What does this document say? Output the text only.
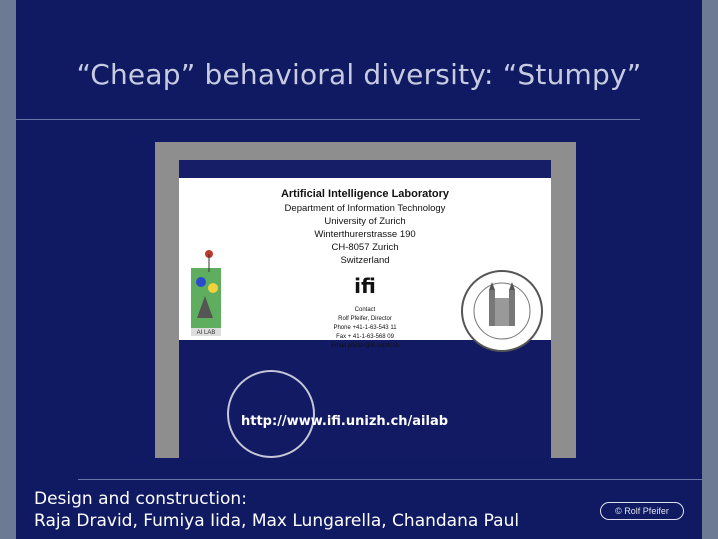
“Cheap” behavioral diversity: “Stumpy”
Artificial Intelligence Laboratory
Department of Information Technology
University of Zurich
Winterthurerstrasse 190
CH-8057 Zurich
Switzerland
ifi
Contact
Rolf Pfeifer, Director
Phone +41-1-63-543 11
Fax + 41-1-63-568 09
Email pfeifer@ifi.unizh.ch
AI LAB
http://www.ifi.unizh.ch/ailab
Design and construction:
Raja Dravid, Fumiya Iida, Max Lungarella, Chandana Paul	© Rolf Pfeifer
